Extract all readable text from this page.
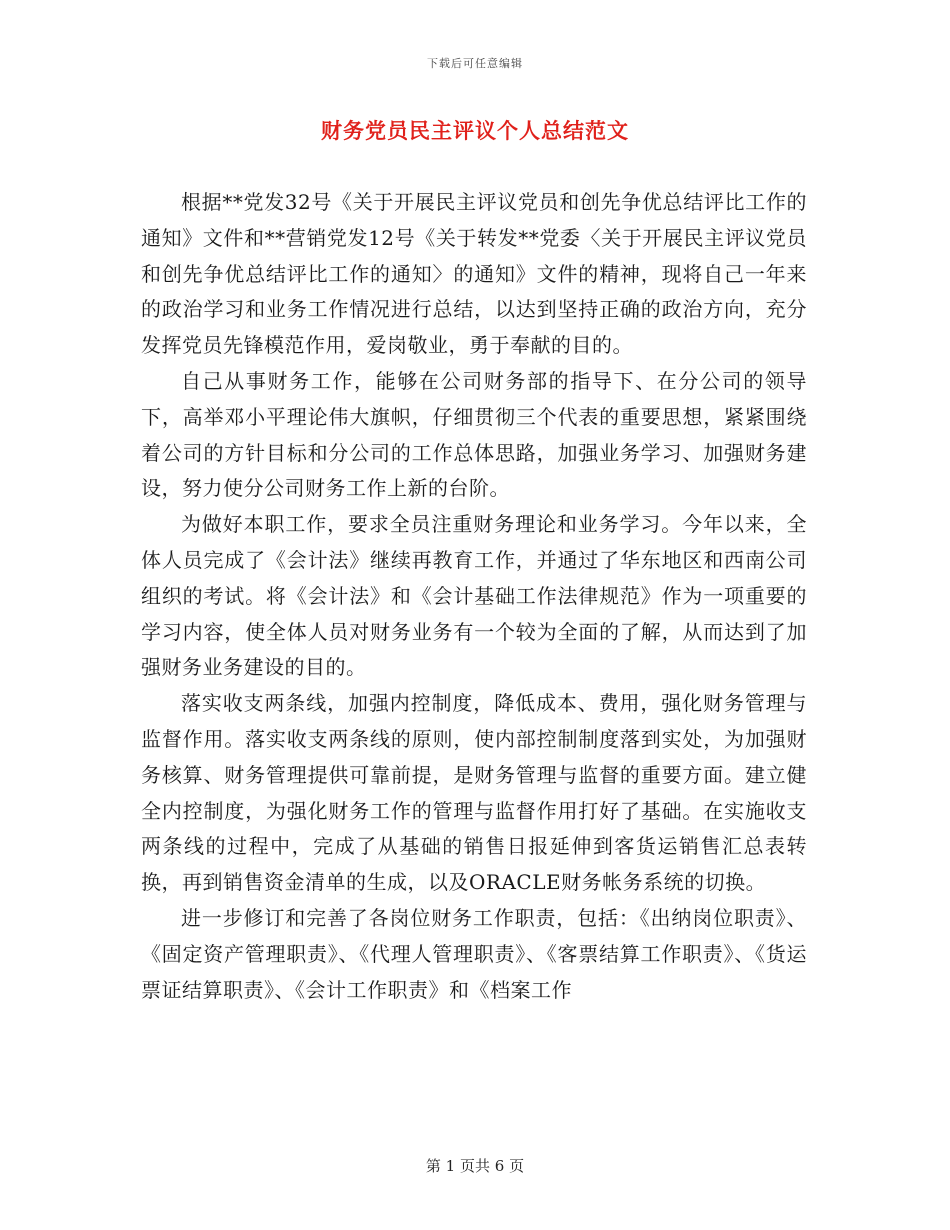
下载后可任意编辑
财务党员民主评议个人总结范文

根据**党发32号《关于开展民主评议党员和创先争优总结评比工作的通知》文件和**营销党发12号《关于转发**党委〈关于开展民主评议党员和创先争优总结评比工作的通知〉的通知》文件的精神，现将自己一年来的政治学习和业务工作情况进行总结，以达到坚持正确的政治方向，充分发挥党员先锋模范作用，爱岗敬业，勇于奉献的目的。

自己从事财务工作，能够在公司财务部的指导下、在分公司的领导下，高举邓小平理论伟大旗帜，仔细贯彻三个代表的重要思想，紧紧围绕着公司的方针目标和分公司的工作总体思路，加强业务学习、加强财务建设，努力使分公司财务工作上新的台阶。

为做好本职工作，要求全员注重财务理论和业务学习。今年以来，全体人员完成了《会计法》继续再教育工作，并通过了华东地区和西南公司组织的考试。将《会计法》和《会计基础工作法律规范》作为一项重要的学习内容，使全体人员对财务业务有一个较为全面的了解，从而达到了加强财务业务建设的目的。

落实收支两条线，加强内控制度，降低成本、费用，强化财务管理与监督作用。落实收支两条线的原则，使内部控制制度落到实处，为加强财务核算、财务管理提供可靠前提，是财务管理与监督的重要方面。建立健全内控制度，为强化财务工作的管理与监督作用打好了基础。在实施收支两条线的过程中，完成了从基础的销售日报延伸到客货运销售汇总表转换，再到销售资金清单的生成，以及ORACLE财务帐务系统的切换。

进一步修订和完善了各岗位财务工作职责，包括：《出纳岗位职责》、《固定资产管理职责》、《代理人管理职责》、《客票结算工作职责》、《货运票证结算职责》、《会计工作职责》和《档案工作

第 1 页共 6 页
